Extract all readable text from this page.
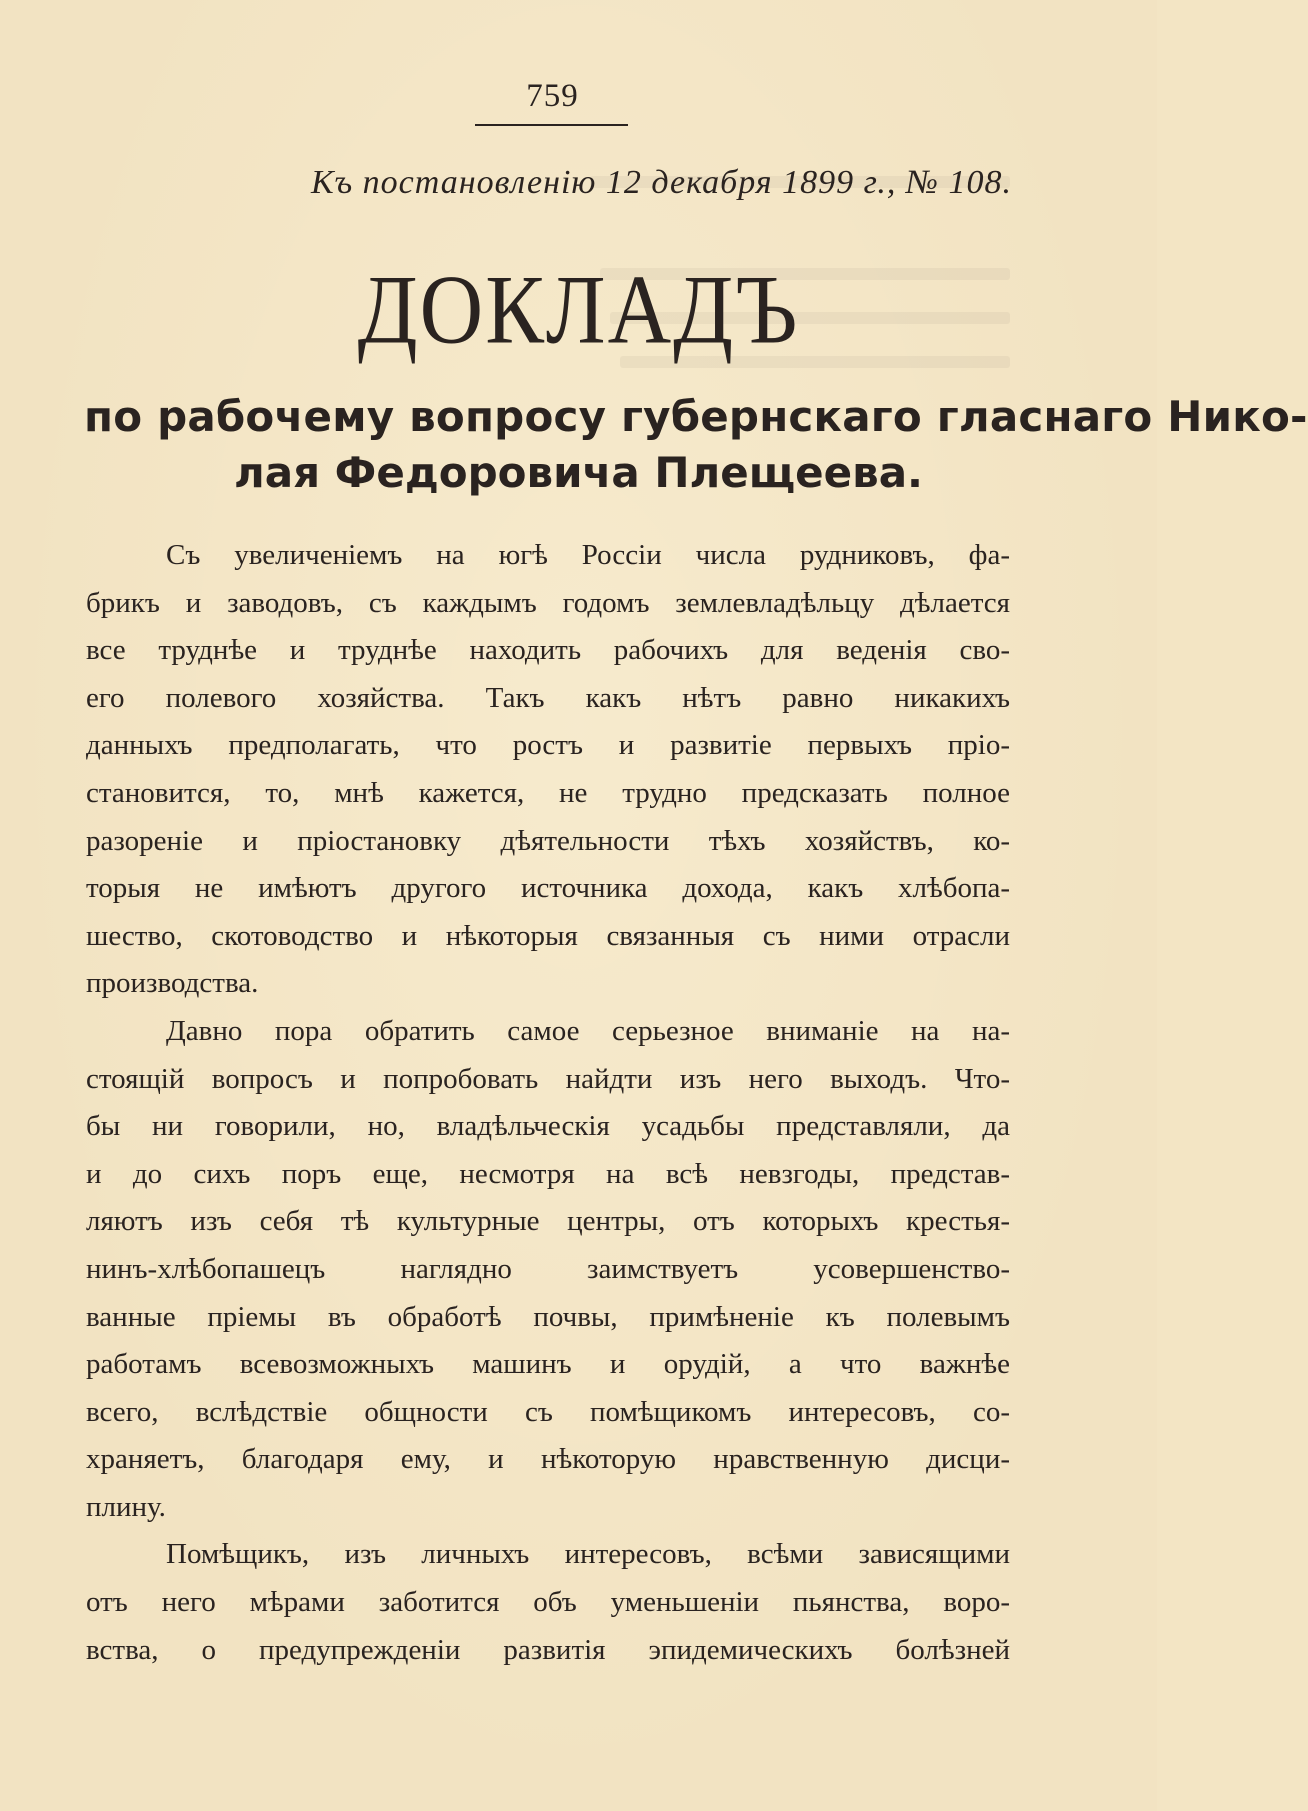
759
Къ постановленію 12 декабря 1899 г., № 108.
ДОКЛАДЪ
по рабочему вопросу губернскаго гласнаго Нико-
лая Федоровича Плещеева.
Съ увеличеніемъ на югѣ Россіи числа рудниковъ, фа-
брикъ и заводовъ, съ каждымъ годомъ землевладѣльцу дѣлается
все труднѣе и труднѣе находить рабочихъ для веденія сво-
его полевого хозяйства. Такъ какъ нѣтъ равно никакихъ
данныхъ предполагать, что ростъ и развитіе первыхъ пріо-
становится, то, мнѣ кажется, не трудно предсказать полное
разореніе и пріостановку дѣятельности тѣхъ хозяйствъ, ко-
торыя не имѣютъ другого источника дохода, какъ хлѣбопа-
шество, скотоводство и нѣкоторыя связанныя съ ними отрасли
производства.
Давно пора обратить самое серьезное вниманіе на на-
стоящій вопросъ и попробовать найдти изъ него выходъ. Что-
бы ни говорили, но, владѣльческія усадьбы представляли, да
и до сихъ поръ еще, несмотря на всѣ невзгоды, представ-
ляютъ изъ себя тѣ культурные центры, отъ которыхъ крестья-
нинъ-хлѣбопашецъ наглядно заимствуетъ усовершенство-
ванные пріемы въ обработѣ почвы, примѣненіе къ полевымъ
работамъ всевозможныхъ машинъ и орудій, а что важнѣе
всего, вслѣдствіе общности съ помѣщикомъ интересовъ, со-
храняетъ, благодаря ему, и нѣкоторую нравственную дисци-
плину.
Помѣщикъ, изъ личныхъ интересовъ, всѣми зависящими
отъ него мѣрами заботится объ уменьшеніи пьянства, воро-
вства, о предупрежденіи развитія эпидемическихъ болѣзней
